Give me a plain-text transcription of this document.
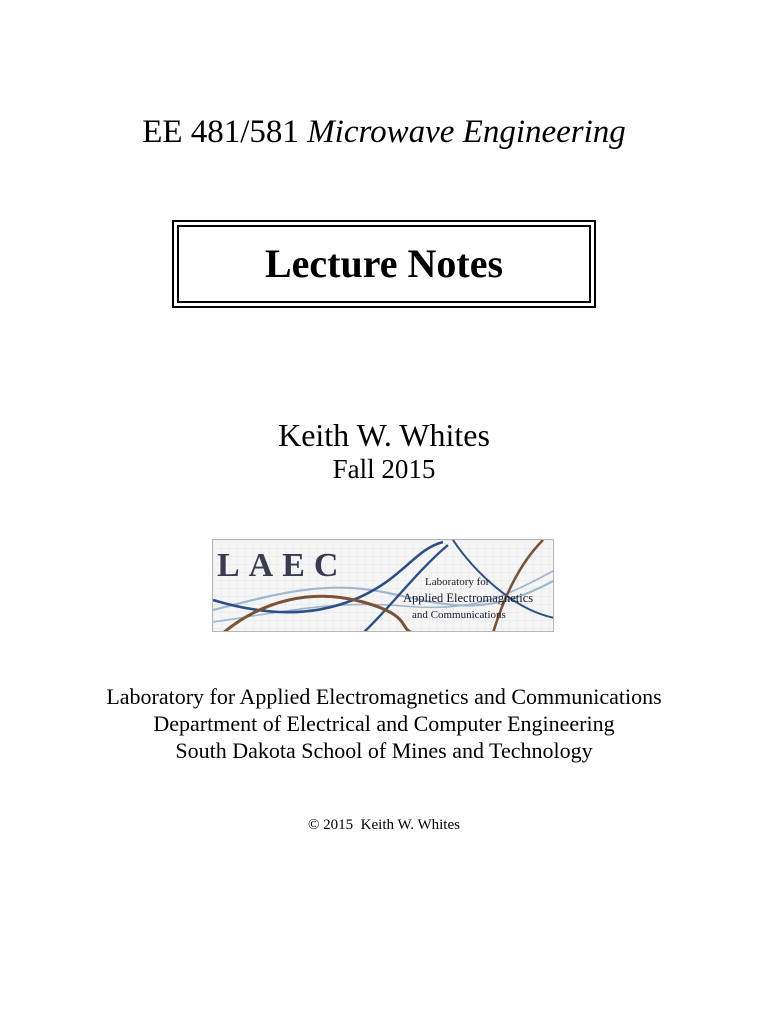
EE 481/581 Microwave Engineering
Lecture Notes
Keith W. Whites
Fall 2015
LAEC	Laboratory for
Applied Electromagnetics
and Communications
Laboratory for Applied Electromagnetics and Communications
Department of Electrical and Computer Engineering
South Dakota School of Mines and Technology
© 2015  Keith W. Whites
